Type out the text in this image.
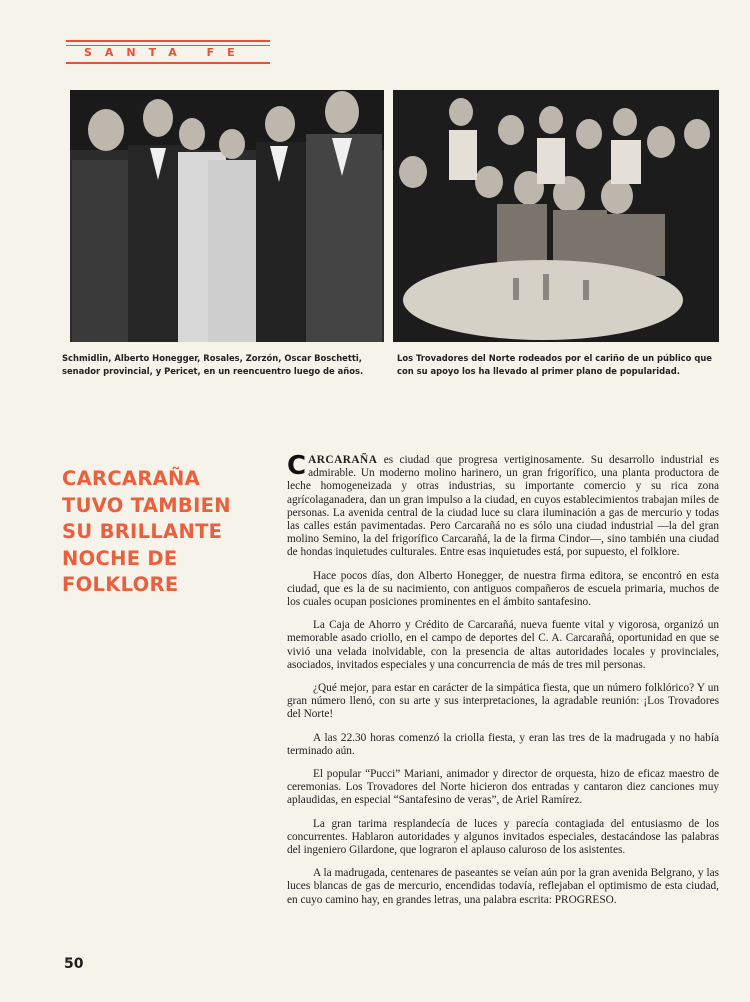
SANTA FE
Schmidlin, Alberto Honegger, Rosales, Zorzón, Oscar Boschetti, senador provincial, y Pericet, en un reencuentro luego de años.
Los Trovadores del Norte rodeados por el cariño de un público que con su apoyo los ha llevado al primer plano de popularidad.
CARCARAÑA
TUVO TAMBIEN
SU BRILLANTE
NOCHE DE
FOLKLORE

CARCARAÑA es ciudad que progresa vertiginosamente. Su desarrollo industrial es admirable. Un moderno molino harinero, un gran frigorífico, una planta productora de leche homogeneizada y otras industrias, su importante comercio y su rica zona agrícolaganadera, dan un gran impulso a la ciudad, en cuyos establecimientos trabajan miles de personas. La avenida central de la ciudad luce su clara iluminación a gas de mercurio y todas las calles están pavimentadas. Pero Carcarañá no es sólo una ciudad industrial —la del gran molino Semino, la del frigorífico Carcarañá, la de la firma Cindor—, sino también una ciudad de hondas inquietudes culturales. Entre esas inquietudes está, por supuesto, el folklore.

Hace pocos días, don Alberto Honegger, de nuestra firma editora, se encontró en esta ciudad, que es la de su nacimiento, con antiguos compañeros de escuela primaria, muchos de los cuales ocupan posiciones prominentes en el ámbito santafesino.

La Caja de Ahorro y Crédito de Carcarañá, nueva fuente vital y vigorosa, organizó un memorable asado criollo, en el campo de deportes del C. A. Carcarañá, oportunidad en que se vivió una velada inolvidable, con la presencia de altas autoridades locales y provinciales, asociados, invitados especiales y una concurrencia de más de tres mil personas.

¿Qué mejor, para estar en carácter de la simpática fiesta, que un número folklórico? Y un gran número llenó, con su arte y sus interpretaciones, la agradable reunión: ¡Los Trovadores del Norte!

A las 22.30 horas comenzó la criolla fiesta, y eran las tres de la madrugada y no había terminado aún.

El popular “Pucci” Mariani, animador y director de orquesta, hizo de eficaz maestro de ceremonias. Los Trovadores del Norte hicieron dos entradas y cantaron diez canciones muy aplaudidas, en especial “Santafesino de veras”, de Ariel Ramírez.

La gran tarima resplandecía de luces y parecía contagiada del entusiasmo de los concurrentes. Hablaron autoridades y algunos invitados especiales, destacándose las palabras del ingeniero Gilardone, que lograron el aplauso caluroso de los asistentes.

A la madrugada, centenares de paseantes se veían aún por la gran avenida Belgrano, y las luces blancas de gas de mercurio, encendidas todavía, reflejaban el optimismo de esta ciudad, en cuyo camino hay, en grandes letras, una palabra escrita: PROGRESO.

50
